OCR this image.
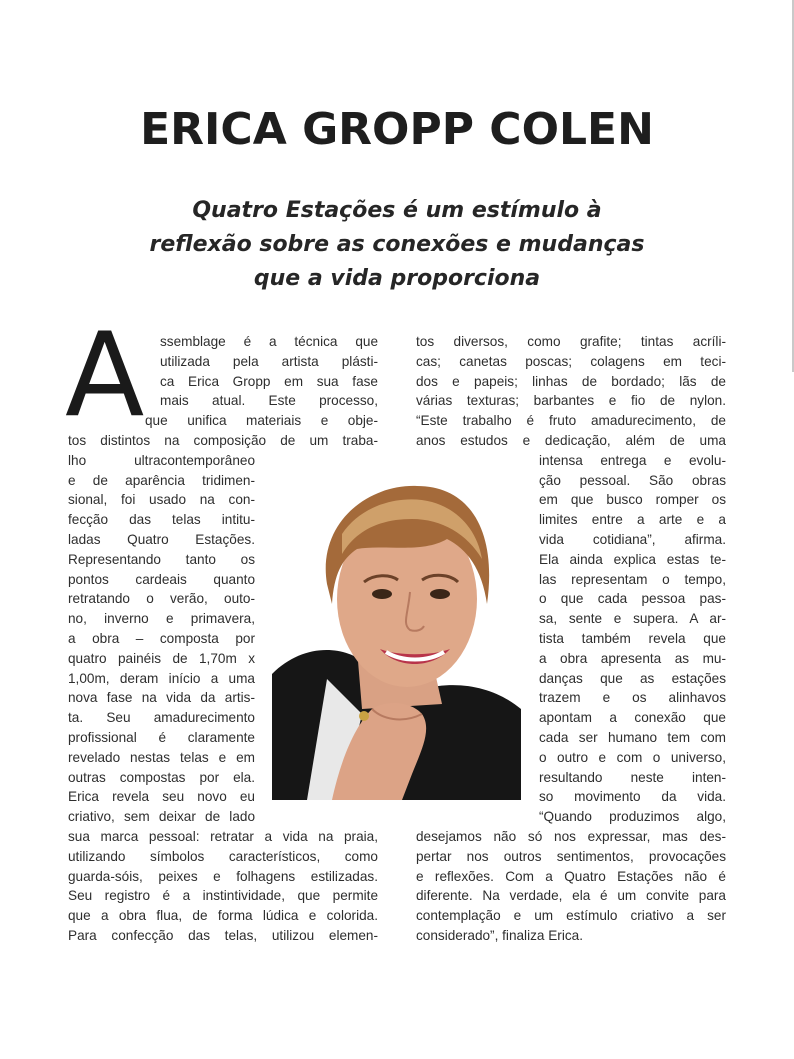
ERICA GROPP COLEN
Quatro Estações é um estímulo à
reflexão sobre as conexões e mudanças
que a vida proporciona
A ssemblage é a técnica que
utilizada pela artista plásti-
ca Erica Gropp em sua fase
mais atual. Este processo,
que unifica materiais e obje-
tos distintos na composição de um traba-
lho ultracontemporâneo
e de aparência tridimen-
sional, foi usado na con-
fecção das telas intitu-
ladas Quatro Estações.
Representando tanto os
pontos cardeais quanto
retratando o verão, outo-
no, inverno e primavera,
a obra – composta por
quatro painéis de 1,70m x
1,00m, deram início a uma
nova fase na vida da artis-
ta. Seu amadurecimento
profissional é claramente
revelado nestas telas e em
outras compostas por ela.
Erica revela seu novo eu
criativo, sem deixar de lado
sua marca pessoal: retratar a vida na praia,
utilizando símbolos característicos, como
guarda-sóis, peixes e folhagens estilizadas.
Seu registro é a instintividade, que permite
que a obra flua, de forma lúdica e colorida.
Para confecção das telas, utilizou elemen-
tos diversos, como grafite; tintas acríli-
cas; canetas poscas; colagens em teci-
dos e papeis; linhas de bordado; lãs de
várias texturas; barbantes e fio de nylon.
“Este trabalho é fruto amadurecimento, de
anos estudos e dedicação, além de uma
intensa entrega e evolu-
ção pessoal. São obras
em que busco romper os
limites entre a arte e a
vida cotidiana”, afirma.
Ela ainda explica estas te-
las representam o tempo,
o que cada pessoa pas-
sa, sente e supera. A ar-
tista também revela que
a obra apresenta as mu-
danças que as estações
trazem e os alinhavos
apontam a conexão que
cada ser humano tem com
o outro e com o universo,
resultando neste inten-
so movimento da vida.
“Quando produzimos algo,
desejamos não só nos expressar, mas des-
pertar nos outros sentimentos, provocações
e reflexões. Com a Quatro Estações não é
diferente. Na verdade, ela é um convite para
contemplação e um estímulo criativo a ser
considerado”, finaliza Erica.
